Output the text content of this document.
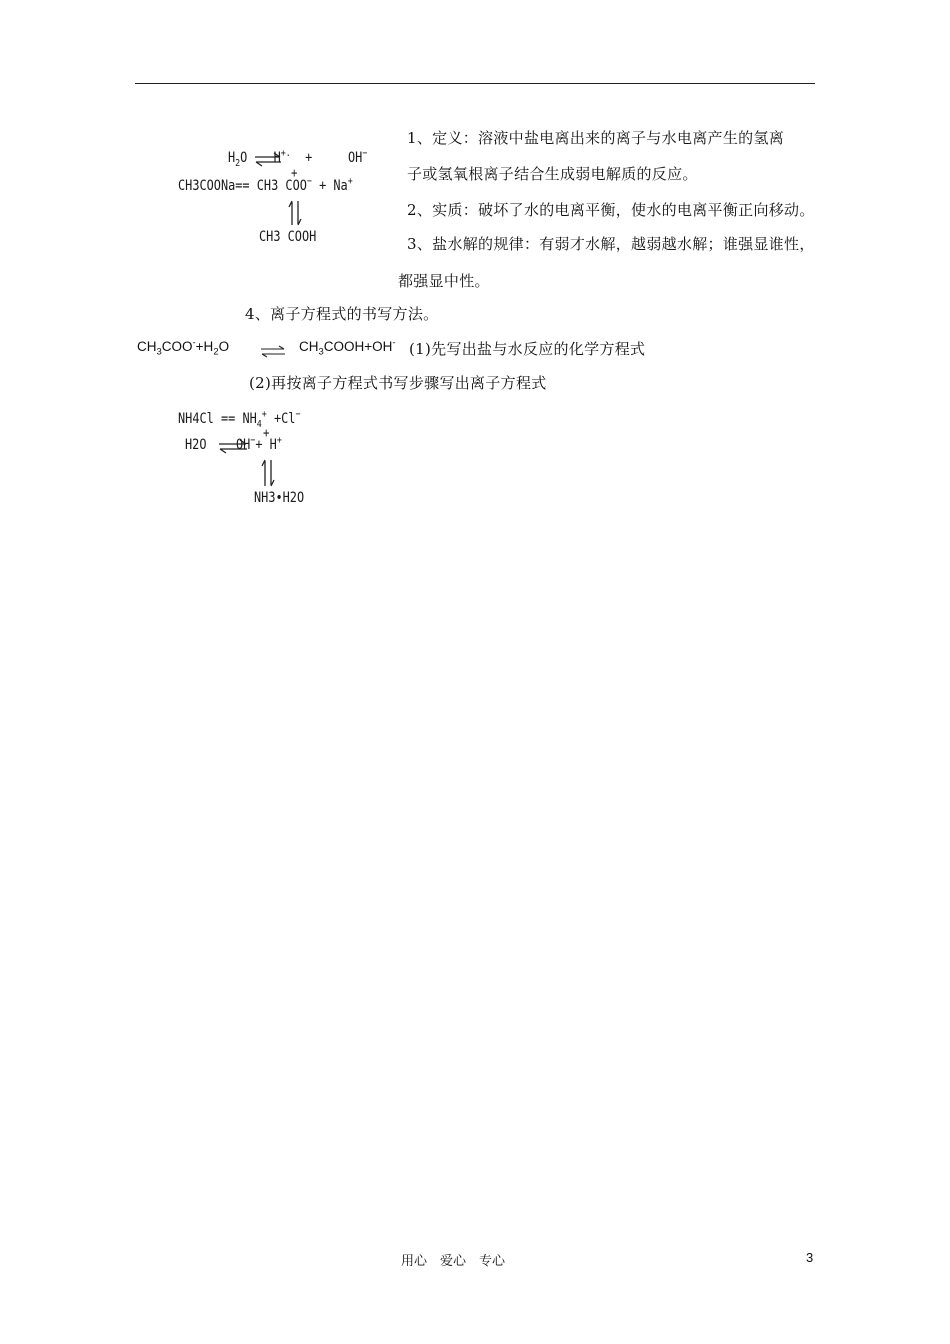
$H_2O$ H+. + OH−
+
CH3COONa== CH3 COO− + Na+
CH3 COOH
1、定义：溶液中盐电离出来的离子与水电离产生的氢离
子或氢氧根离子结合生成弱电解质的反应。
2、实质：破坏了水的电离平衡，使水的电离平衡正向移动。
3、盐水解的规律：有弱才水解，越弱越水解；谁强显谁性，
都强显中性。
4、离子方程式的书写方法。
$CH_3COO^-+H_2O$	$CH_3COOH+OH^-$ (1)先写出盐与水反应的化学方程式
(2)再按离子方程式书写步骤写出离子方程式
$NH4Cl == NH_4^+ +Cl^-$
+
H2O OH−+ H+
NH3•H2O
用心　爱心　专心	3
